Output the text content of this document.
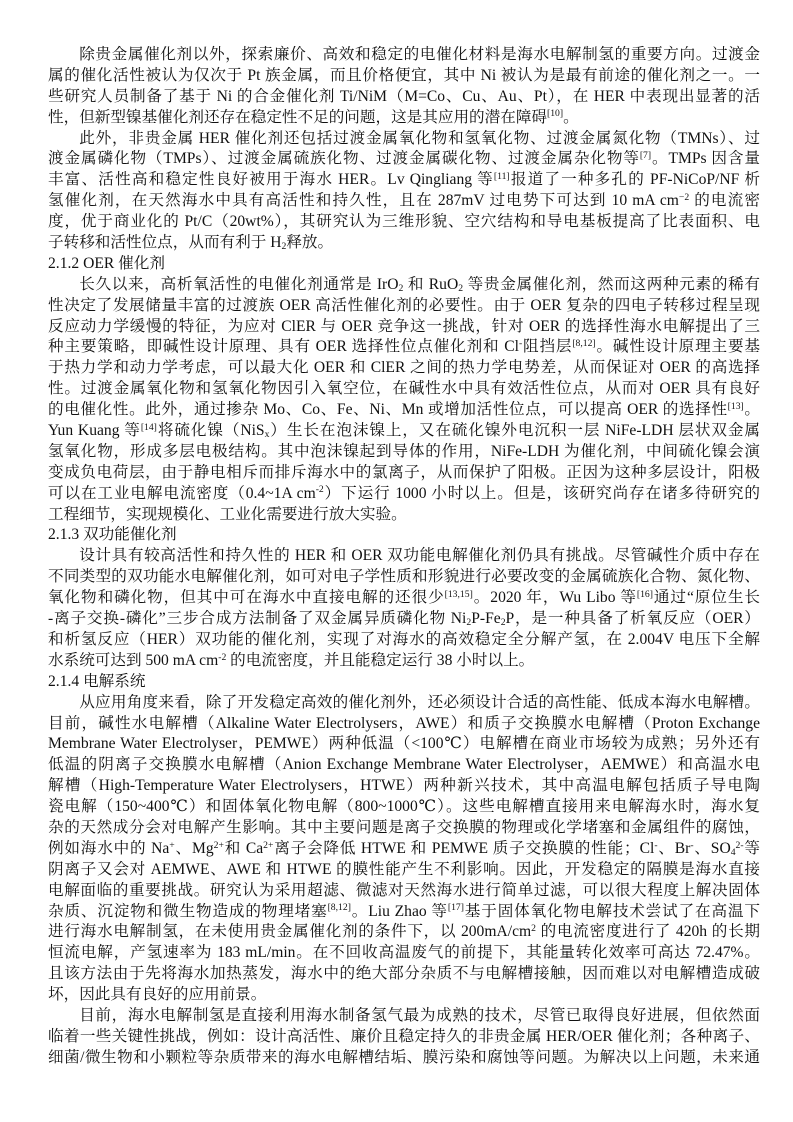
除贵金属催化剂以外，探索廉价、高效和稳定的电催化材料是海水电解制氢的重要方向。过渡金
属的催化活性被认为仅次于 Pt 族金属，而且价格便宜，其中 Ni 被认为是最有前途的催化剂之一。一
些研究人员制备了基于 Ni 的合金催化剂 Ti/NiM（M=Co、Cu、Au、Pt），在 HER 中表现出显著的活
性，但新型镍基催化剂还存在稳定性不足的问题，这是其应用的潜在障碍[10]。
此外，非贵金属 HER 催化剂还包括过渡金属氧化物和氢氧化物、过渡金属氮化物（TMNs）、过
渡金属磷化物（TMPs）、过渡金属硫族化物、过渡金属碳化物、过渡金属杂化物等[7]。TMPs 因含量
丰富、活性高和稳定性良好被用于海水 HER。Lv Qingliang 等[11]报道了一种多孔的 PF-NiCoP/NF 析
氢催化剂，在天然海水中具有高活性和持久性，且在 287mV 过电势下可达到 10 mA $cm^{-2}$ 的电流密
度，优于商业化的 Pt/C（20wt%），其研究认为三维形貌、空穴结构和导电基板提高了比表面积、电
子转移和活性位点，从而有利于 $H_2$释放。
2.1.2 OER 催化剂
长久以来，高析氧活性的电催化剂通常是 IrO$_2$ 和 RuO$_2$ 等贵金属催化剂，然而这两种元素的稀有
性决定了发展储量丰富的过渡族 OER 高活性催化剂的必要性。由于 OER 复杂的四电子转移过程呈现
反应动力学缓慢的特征，为应对 ClER 与 OER 竞争这一挑战，针对 OER 的选择性海水电解提出了三
种主要策略，即碱性设计原理、具有 OER 选择性位点催化剂和 Cl-阻挡层[8,12]。碱性设计原理主要基
于热力学和动力学考虑，可以最大化 OER 和 ClER 之间的热力学电势差，从而保证对 OER 的高选择
性。过渡金属氧化物和氢氧化物因引入氧空位，在碱性水中具有效活性位点，从而对 OER 具有良好
的电催化性。此外，通过掺杂 Mo、Co、Fe、Ni、Mn 或增加活性位点，可以提高 OER 的选择性[13]。
Yun Kuang 等[14]将硫化镍（NiS$_x$）生长在泡沫镍上，又在硫化镍外电沉积一层 NiFe-LDH 层状双金属
氢氧化物，形成多层电极结构。其中泡沫镍起到导体的作用，NiFe-LDH 为催化剂，中间硫化镍会演
变成负电荷层，由于静电相斥而排斥海水中的氯离子，从而保护了阳极。正因为这种多层设计，阳极
可以在工业电解电流密度（0.4~1A $cm^{-2}$）下运行 1000 小时以上。但是，该研究尚存在诸多待研究的
工程细节，实现规模化、工业化需要进行放大实验。
2.1.3 双功能催化剂
设计具有较高活性和持久性的 HER 和 OER 双功能电解催化剂仍具有挑战。尽管碱性介质中存在
不同类型的双功能水电解催化剂，如可对电子学性质和形貌进行必要改变的金属硫族化合物、氮化物、
氧化物和磷化物，但其中可在海水中直接电解的还很少[13,15]。2020 年，Wu Libo 等[16]通过“原位生长
-离子交换-磷化”三步合成方法制备了双金属异质磷化物 $Ni_2P-Fe_2P$，是一种具备了析氧反应（OER）
和析氢反应（HER）双功能的催化剂，实现了对海水的高效稳定全分解产氢，在 2.004V 电压下全解
水系统可达到 500 mA $cm^{-2}$ 的电流密度，并且能稳定运行 38 小时以上。
2.1.4 电解系统
从应用角度来看，除了开发稳定高效的催化剂外，还必须设计合适的高性能、低成本海水电解槽。
目前，碱性水电解槽（Alkaline Water Electrolysers，AWE）和质子交换膜水电解槽（Proton Exchange
Membrane Water Electrolyser，PEMWE）两种低温（<100℃）电解槽在商业市场较为成熟；另外还有
低温的阴离子交换膜水电解槽（Anion Exchange Membrane Water Electrolyser，AEMWE）和高温水电
解槽（High-Temperature Water Electrolysers，HTWE）两种新兴技术，其中高温电解包括质子导电陶
瓷电解（150~400℃）和固体氧化物电解（800~1000℃）。这些电解槽直接用来电解海水时，海水复
杂的天然成分会对电解产生影响。其中主要问题是离子交换膜的物理或化学堵塞和金属组件的腐蚀，
例如海水中的 Na+、$Mg^{2+}$和 $Ca^{2+}$离子会降低 HTWE 和 PEMWE 质子交换膜的性能；Cl-、Br-、$SO_4^{2-}$等
阴离子又会对 AEMWE、AWE 和 HTWE 的膜性能产生不利影响。因此，开发稳定的隔膜是海水直接
电解面临的重要挑战。研究认为采用超滤、微滤对天然海水进行简单过滤，可以很大程度上解决固体
杂质、沉淀物和微生物造成的物理堵塞[8,12]。Liu Zhao 等[17]基于固体氧化物电解技术尝试了在高温下
进行海水电解制氢，在未使用贵金属催化剂的条件下，以 $200mA/cm^2$ 的电流密度进行了 420h 的长期
恒流电解，产氢速率为 183 mL/min。在不回收高温废气的前提下，其能量转化效率可高达 72.47%。
且该方法由于先将海水加热蒸发，海水中的绝大部分杂质不与电解槽接触，因而难以对电解槽造成破
坏，因此具有良好的应用前景。
目前，海水电解制氢是直接利用海水制备氢气最为成熟的技术，尽管已取得良好进展，但依然面
临着一些关键性挑战，例如：设计高活性、廉价且稳定持久的非贵金属 HER/OER 催化剂；各种离子、
细菌/微生物和小颗粒等杂质带来的海水电解槽结垢、膜污染和腐蚀等问题。为解决以上问题，未来通
